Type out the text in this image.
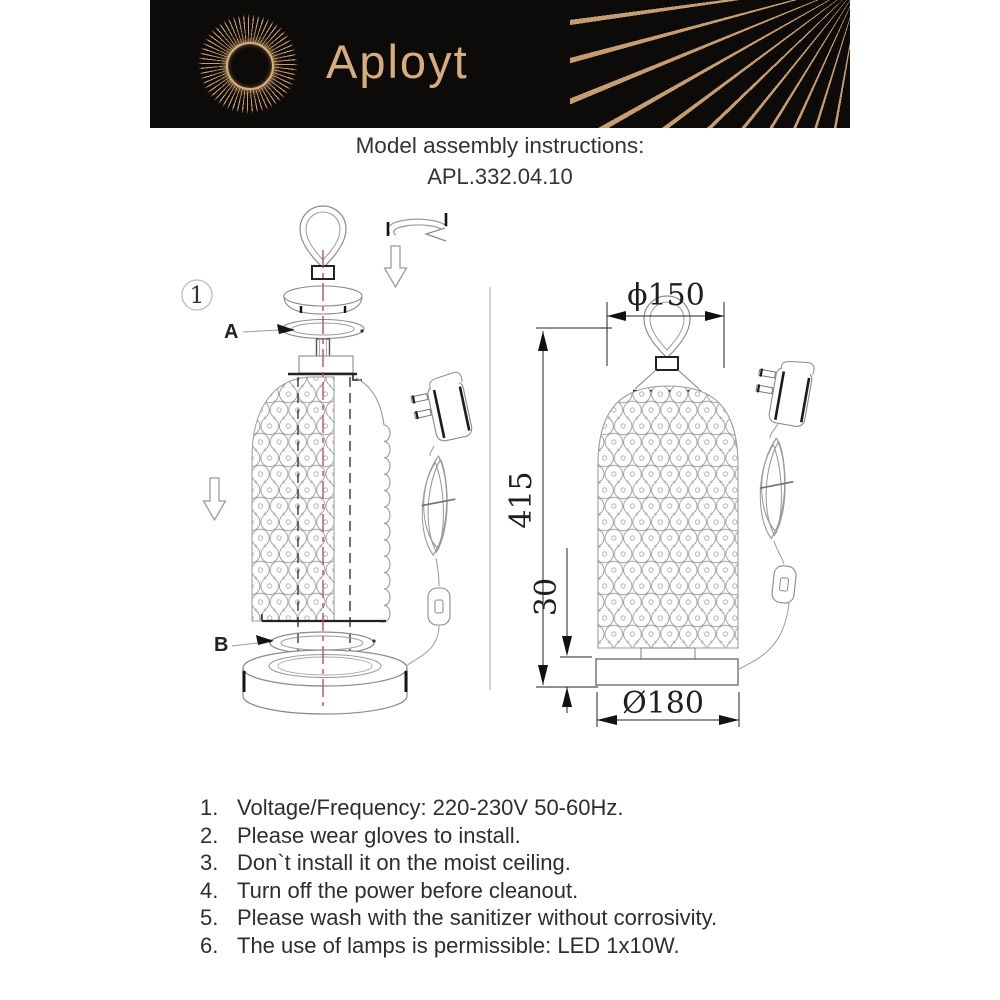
Aployt
Model assembly instructions:
APL.332.04.10
1
A
B
ϕ150
415
30
Ø180
1. Voltage/Frequency: 220-230V 50-60Hz.
2. Please wear gloves to install.
3. Don`t install it on the moist ceiling.
4. Turn off the power before cleanout.
5. Please wash with the sanitizer without corrosivity.
6. The use of lamps is permissible: LED 1x10W.
